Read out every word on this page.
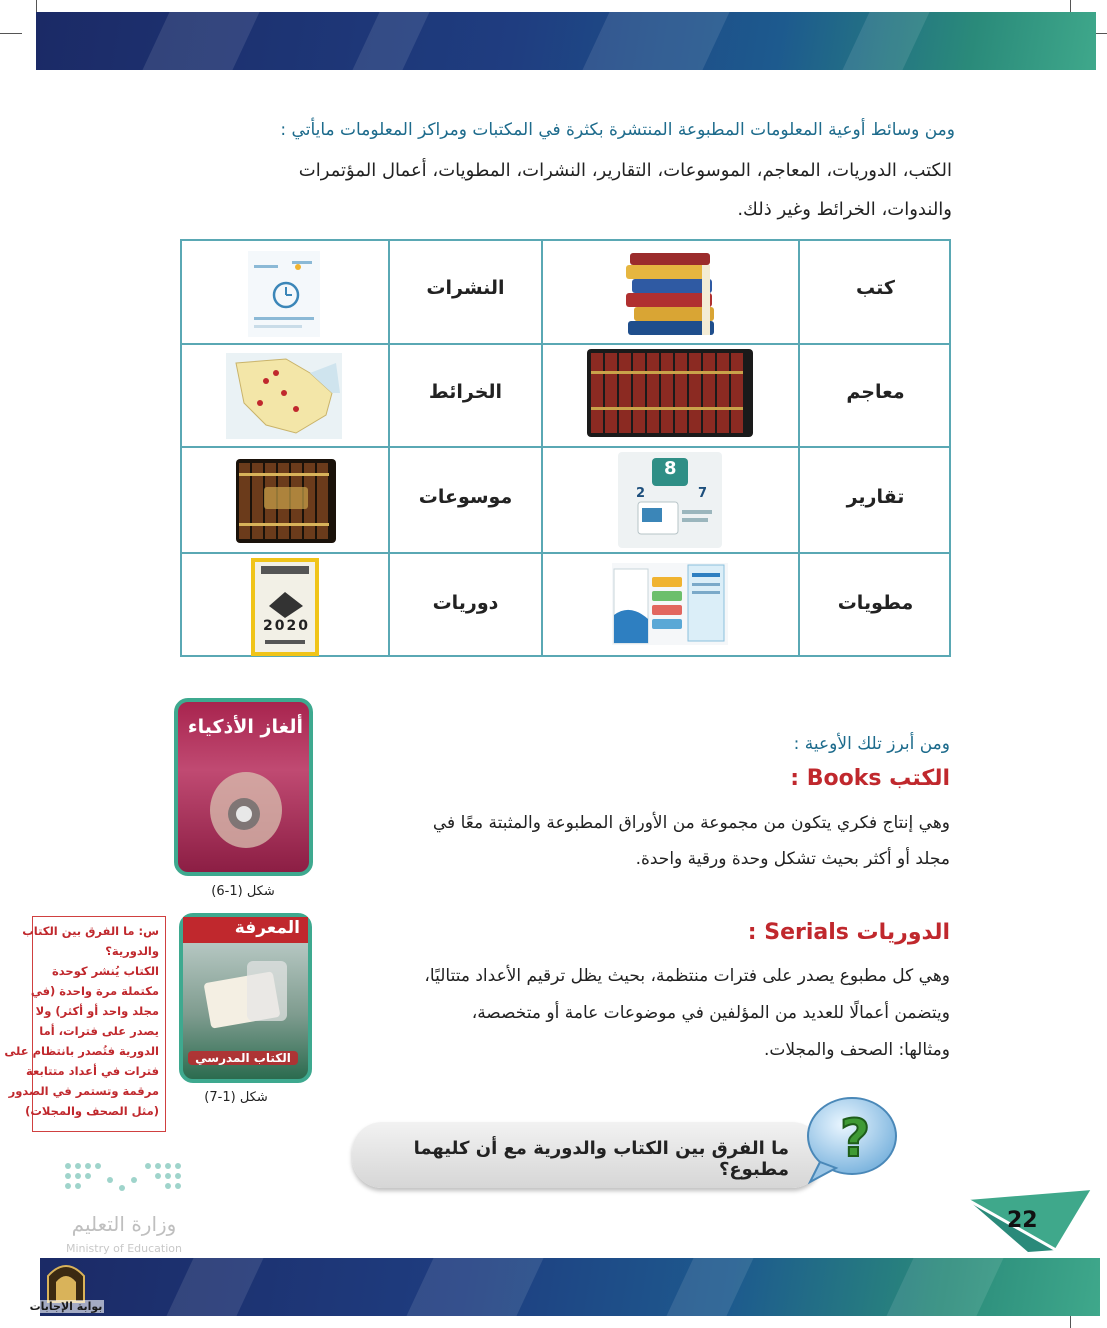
ومن وسائط أوعية المعلومات المطبوعة المنتشرة بكثرة في المكتبات ومراكز المعلومات مايأتي :
الكتب، الدوريات، المعاجم، الموسوعات، التقارير، النشرات، المطويات، أعمال المؤتمرات
والندوات، الخرائط وغير ذلك.
كتب
النشرات
معاجم
الخرائط
تقارير
موسوعات
8
2	7
مطويات
دوريات
2020
ومن أبرز تلك الأوعية :
الكتب Books :
وهي إنتاج فكري يتكون من مجموعة من الأوراق المطبوعة والمثبتة معًا في
مجلد أو أكثر بحيث تشكل وحدة ورقية واحدة.
الدوريات Serials :
وهي كل مطبوع يصدر على فترات منتظمة، بحيث يظل ترقيم الأعداد متتاليًا،
ويتضمن أعمالًا للعديد من المؤلفين في موضوعات عامة أو متخصصة،
ومثالها: الصحف والمجلات.
ألغاز الأذكياء
شكل (1-6)
المعرفة
الكتاب المدرسي
شكل (1-7)
س: ما الفرق بين الكتاب
والدورية؟
الكتاب يُنشر كوحدة
مكتملة مرة واحدة (في
مجلد واحد أو أكثر) ولا
يصدر على فترات، أما
الدورية فتُصدر بانتظام على
فترات في أعداد متتابعة
مرقمة وتستمر في الصدور
(مثل الصحف والمجلات)
ما الفرق بين الكتاب والدورية مع أن كليهما مطبوع؟
?
22
وزارة التعليم
Ministry of Education
بوابة الإجابات
